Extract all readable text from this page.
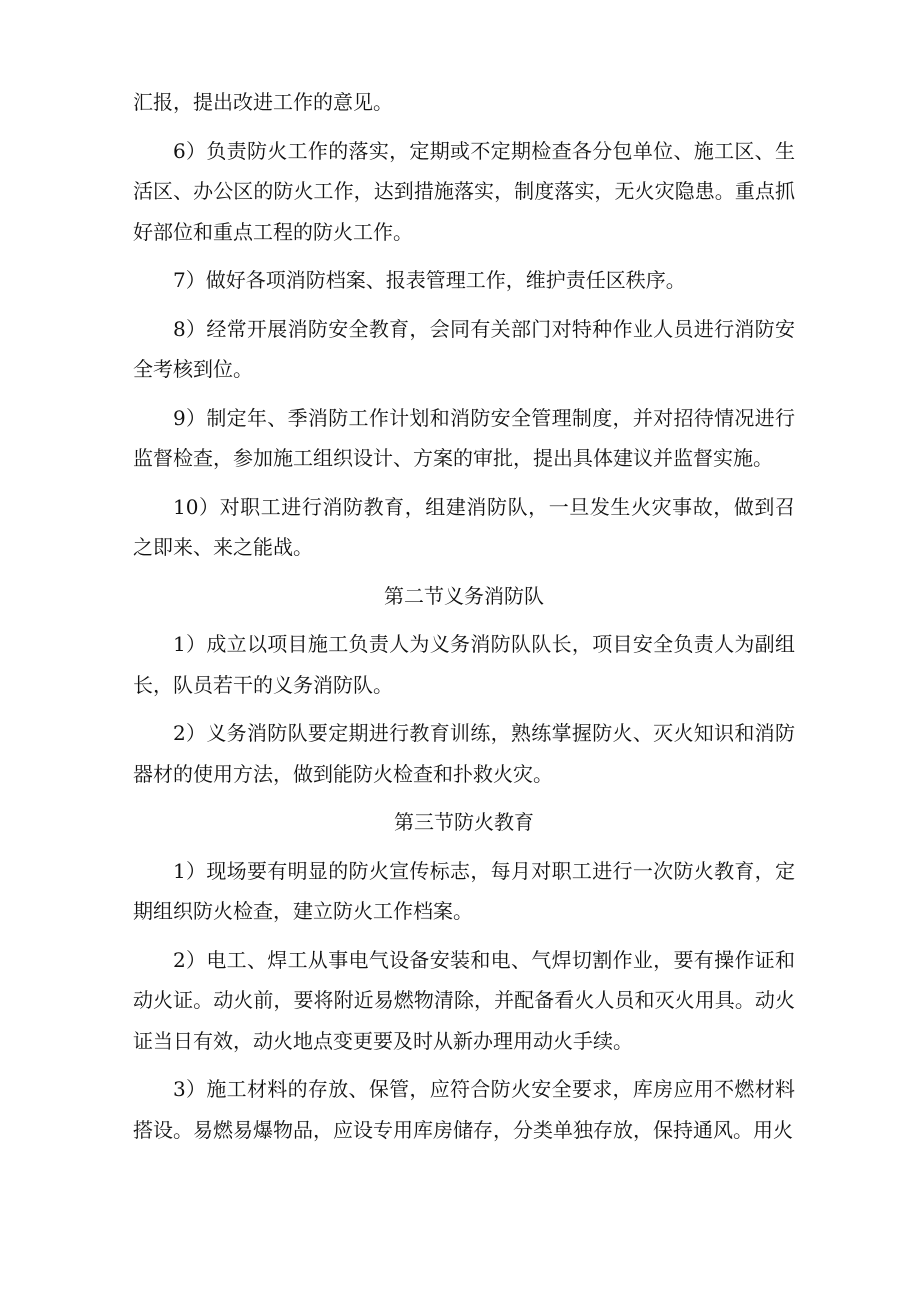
汇报，提出改进工作的意见。

6）负责防火工作的落实，定期或不定期检查各分包单位、施工区、生活区、办公区的防火工作，达到措施落实，制度落实，无火灾隐患。重点抓好部位和重点工程的防火工作。

7）做好各项消防档案、报表管理工作，维护责任区秩序。

8）经常开展消防安全教育，会同有关部门对特种作业人员进行消防安全考核到位。

9）制定年、季消防工作计划和消防安全管理制度，并对招待情况进行监督检查，参加施工组织设计、方案的审批，提出具体建议并监督实施。

10）对职工进行消防教育，组建消防队，一旦发生火灾事故，做到召之即来、来之能战。

第二节义务消防队

1）成立以项目施工负责人为义务消防队队长，项目安全负责人为副组长，队员若干的义务消防队。

2）义务消防队要定期进行教育训练，熟练掌握防火、灭火知识和消防器材的使用方法，做到能防火检查和扑救火灾。

第三节防火教育

1）现场要有明显的防火宣传标志，每月对职工进行一次防火教育，定期组织防火检查，建立防火工作档案。

2）电工、焊工从事电气设备安装和电、气焊切割作业，要有操作证和动火证。动火前，要将附近易燃物清除，并配备看火人员和灭火用具。动火证当日有效，动火地点变更要及时从新办理用动火手续。

3）施工材料的存放、保管，应符合防火安全要求，库房应用不燃材料搭设。易燃易爆物品，应设专用库房储存，分类单独存放，保持通风。用火
